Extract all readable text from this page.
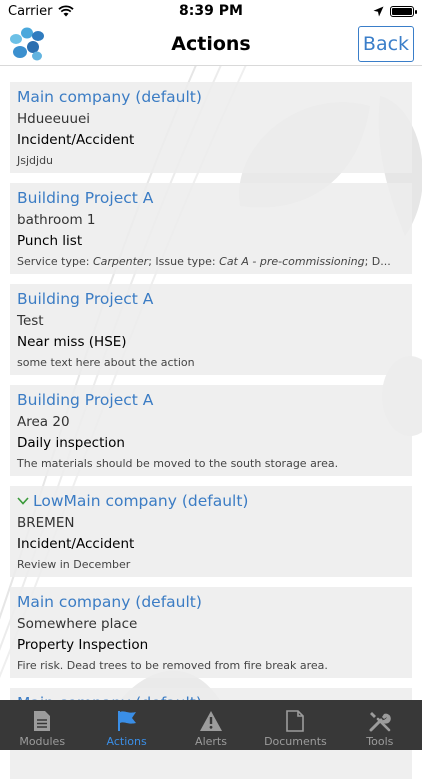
Carrier	8:39 PM
Actions	Back
Main company (default)
Hdueeuuei
Incident/Accident
Jsjdjdu
Building Project A
bathroom 1
Punch list
Service type: Carpenter; Issue type: Cat A - pre-commissioning; D...
Building Project A
Test
Near miss (HSE)
some text here about the action
Building Project A
Area 20
Daily inspection
The materials should be moved to the south storage area.
LowMain company (default)
BREMEN
Incident/Accident
Review in December
Main company (default)
Somewhere place
Property Inspection
Fire risk. Dead trees to be removed from fire break area.
Modules	Actions	Alerts	Documents	Tools
